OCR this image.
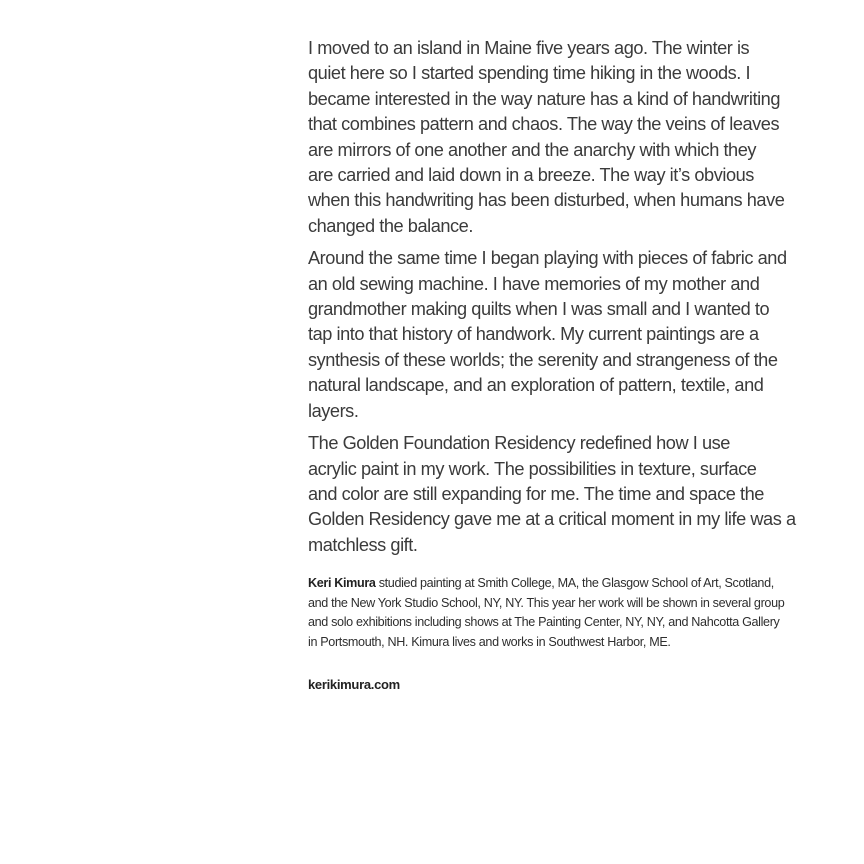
I moved to an island in Maine five years ago. The winter is
quiet here so I started spending time hiking in the woods. I
became interested in the way nature has a kind of handwriting
that combines pattern and chaos. The way the veins of leaves
are mirrors of one another and the anarchy with which they
are carried and laid down in a breeze. The way it’s obvious
when this handwriting has been disturbed, when humans have
changed the balance.

Around the same time I began playing with pieces of fabric and
an old sewing machine. I have memories of my mother and
grandmother making quilts when I was small and I wanted to
tap into that history of handwork. My current paintings are a
synthesis of these worlds; the serenity and strangeness of the
natural landscape, and an exploration of pattern, textile, and
layers.

The Golden Foundation Residency redefined how I use
acrylic paint in my work. The possibilities in texture, surface
and color are still expanding for me. The time and space the
Golden Residency gave me at a critical moment in my life was a
matchless gift.

Keri Kimura studied painting at Smith College, MA, the Glasgow School of Art, Scotland,
and the New York Studio School, NY, NY. This year her work will be shown in several group
and solo exhibitions including shows at The Painting Center, NY, NY, and Nahcotta Gallery
in Portsmouth, NH. Kimura lives and works in Southwest Harbor, ME.
kerikimura.com
